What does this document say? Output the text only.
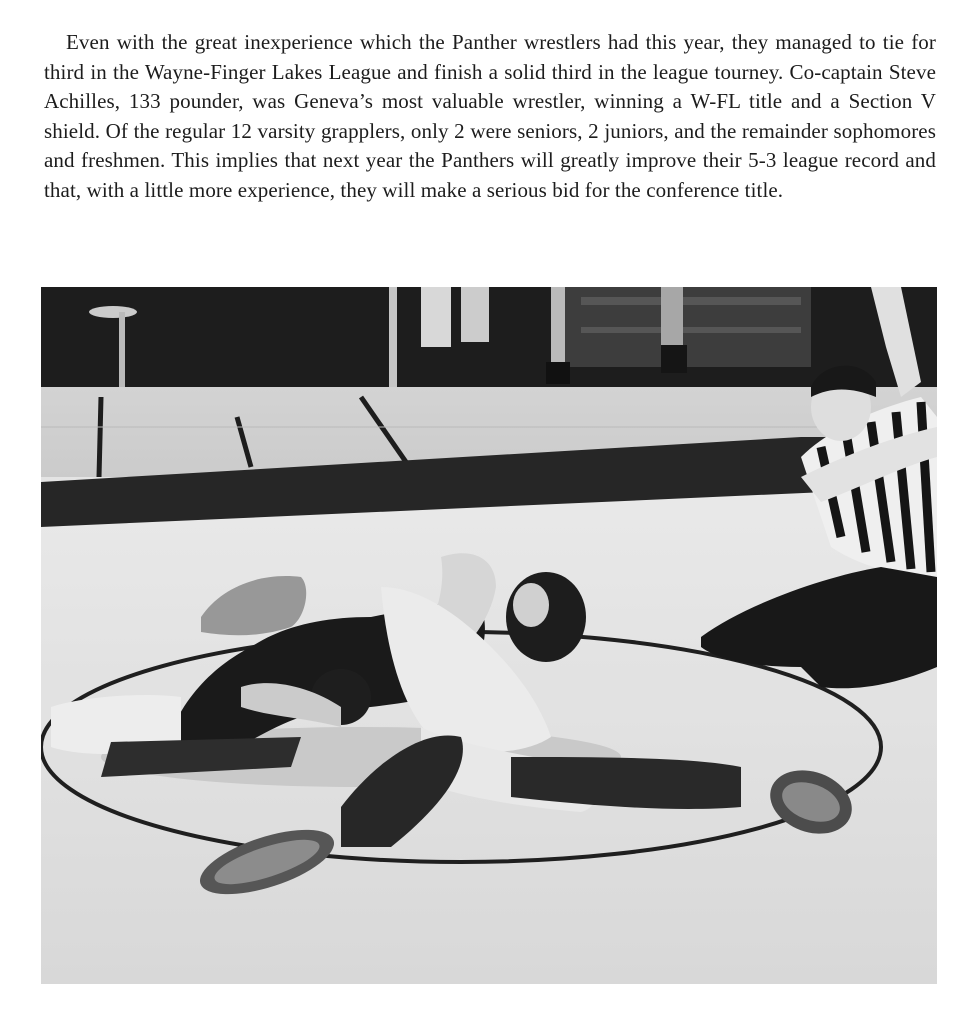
Even with the great inexperience which the Panther wrestlers had this year, they managed to tie for third in the Wayne-Finger Lakes League and finish a solid third in the league tourney. Co-captain Steve Achilles, 133 pounder, was Geneva’s most valuable wrestler, winning a W-FL title and a Section V shield. Of the regular 12 varsity grapplers, only 2 were seniors, 2 juniors, and the remainder sophomores and freshmen. This implies that next year the Panthers will greatly improve their 5-3 league record and that, with a little more experience, they will make a serious bid for the conference title.
